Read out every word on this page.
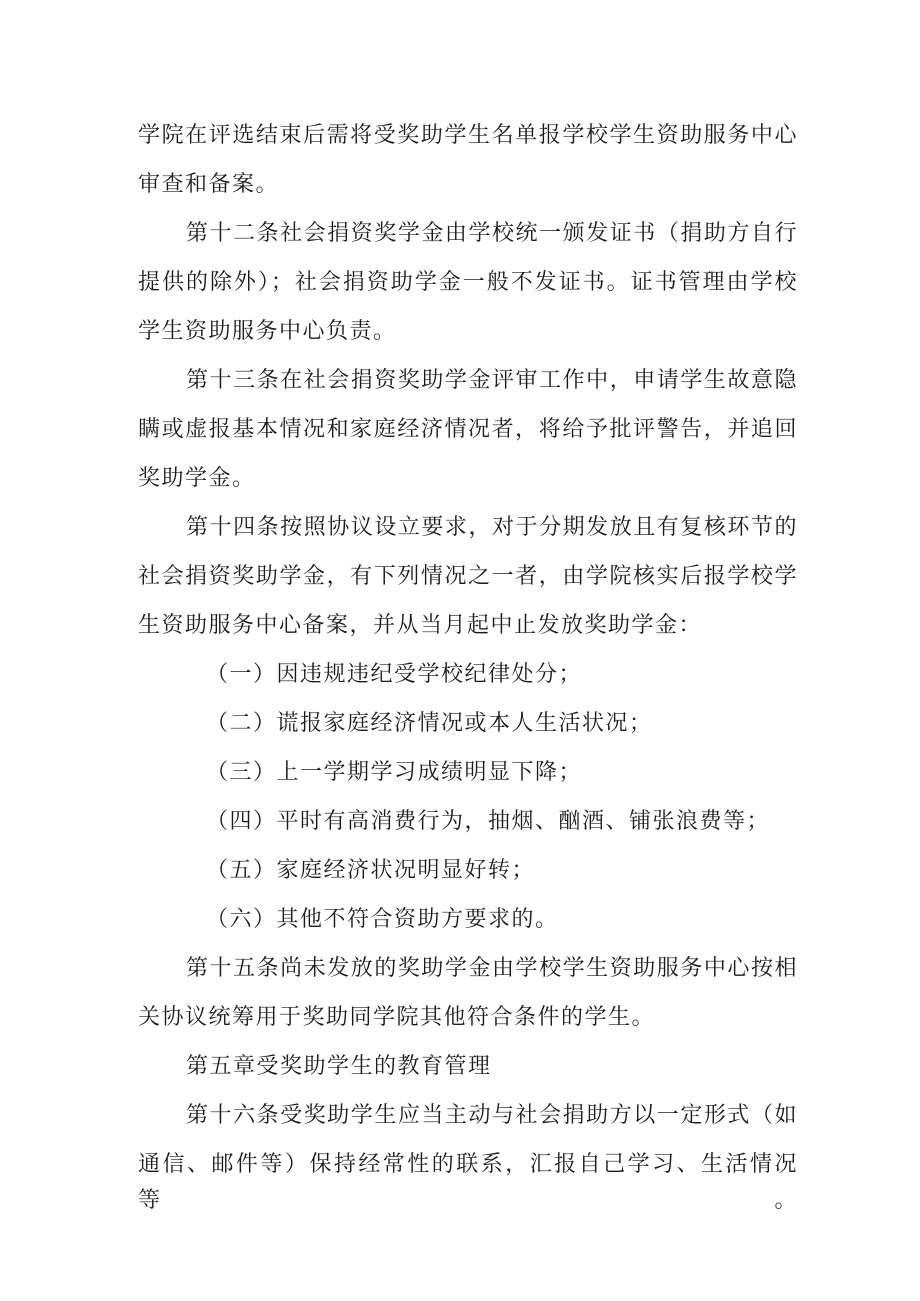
学院在评选结束后需将受奖助学生名单报学校学生资助服务中心
审查和备案。
第十二条社会捐资奖学金由学校统一颁发证书（捐助方自行
提供的除外）；社会捐资助学金一般不发证书。证书管理由学校
学生资助服务中心负责。
第十三条在社会捐资奖助学金评审工作中，申请学生故意隐
瞒或虚报基本情况和家庭经济情况者，将给予批评警告，并追回
奖助学金。
第十四条按照协议设立要求，对于分期发放且有复核环节的
社会捐资奖助学金，有下列情况之一者，由学院核实后报学校学
生资助服务中心备案，并从当月起中止发放奖助学金：
（一）因违规违纪受学校纪律处分；
（二）谎报家庭经济情况或本人生活状况；
（三）上一学期学习成绩明显下降；
（四）平时有高消费行为，抽烟、酗酒、铺张浪费等；
（五）家庭经济状况明显好转；
（六）其他不符合资助方要求的。
第十五条尚未发放的奖助学金由学校学生资助服务中心按相
关协议统筹用于奖助同学院其他符合条件的学生。
第五章受奖助学生的教育管理
第十六条受奖助学生应当主动与社会捐助方以一定形式（如
通信、邮件等）保持经常性的联系，汇报自己学习、生活情况等。
